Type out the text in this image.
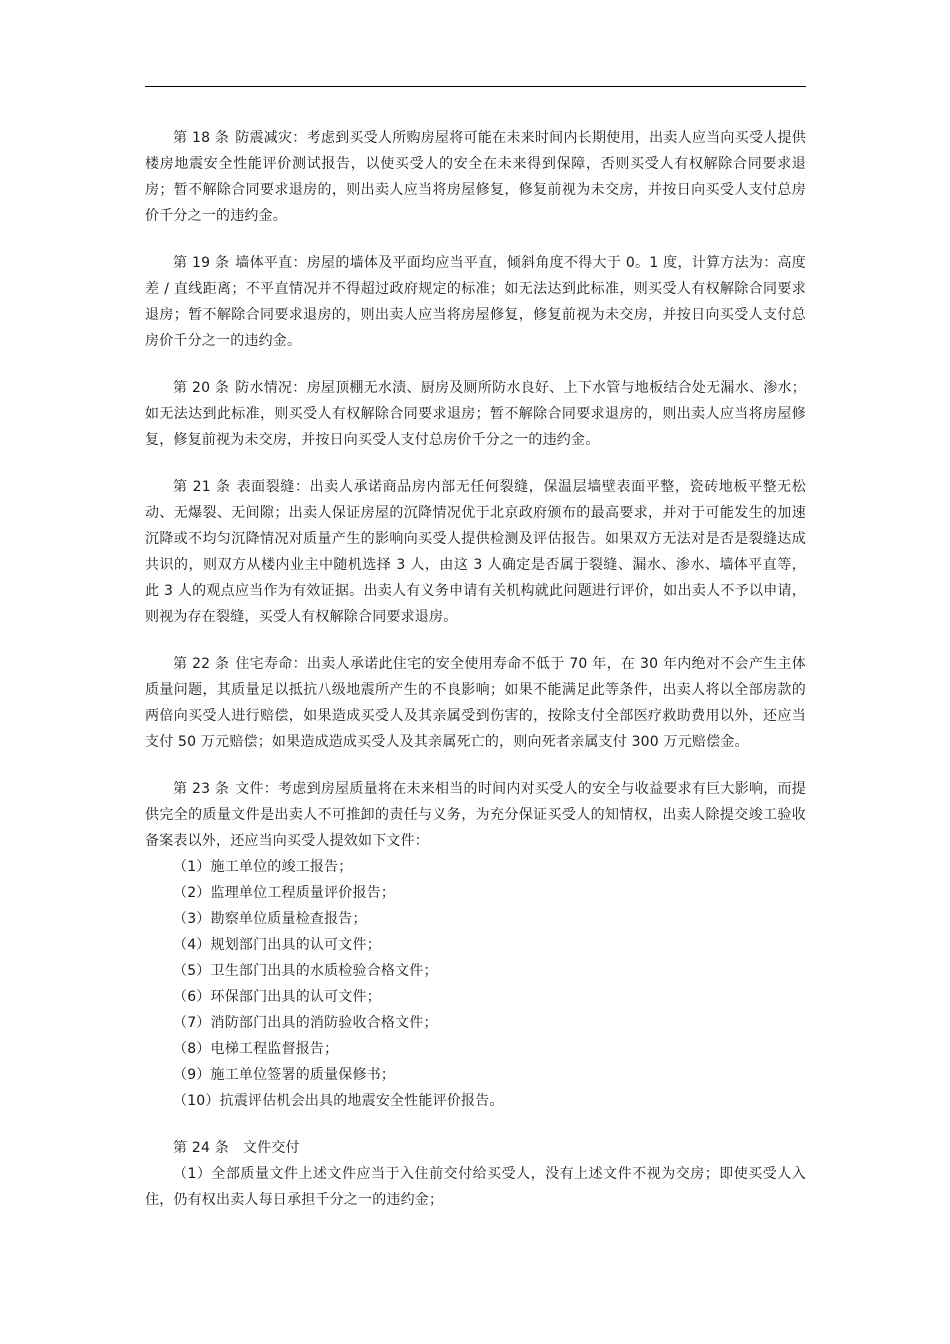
第 18 条 防震减灾：考虑到买受人所购房屋将可能在未来时间内长期使用，出卖人应当向买受人提供楼房地震安全性能评价测试报告，以使买受人的安全在未来得到保障，否则买受人有权解除合同要求退房；暂不解除合同要求退房的，则出卖人应当将房屋修复，修复前视为未交房，并按日向买受人支付总房价千分之一的违约金。

第 19 条 墙体平直：房屋的墙体及平面均应当平直，倾斜角度不得大于 0。1 度，计算方法为：高度差 / 直线距离；不平直情况并不得超过政府规定的标准；如无法达到此标准，则买受人有权解除合同要求退房；暂不解除合同要求退房的，则出卖人应当将房屋修复，修复前视为未交房，并按日向买受人支付总房价千分之一的违约金。

第 20 条 防水情况：房屋顶棚无水渍、厨房及厕所防水良好、上下水管与地板结合处无漏水、渗水；如无法达到此标准，则买受人有权解除合同要求退房；暂不解除合同要求退房的，则出卖人应当将房屋修复，修复前视为未交房，并按日向买受人支付总房价千分之一的违约金。

第 21 条 表面裂缝：出卖人承诺商品房内部无任何裂缝，保温层墙壁表面平整，瓷砖地板平整无松动、无爆裂、无间隙；出卖人保证房屋的沉降情况优于北京政府颁布的最高要求，并对于可能发生的加速沉降或不均匀沉降情况对质量产生的影响向买受人提供检测及评估报告。如果双方无法对是否是裂缝达成共识的，则双方从楼内业主中随机选择 3 人，由这 3 人确定是否属于裂缝、漏水、渗水、墙体平直等，此 3 人的观点应当作为有效证据。出卖人有义务申请有关机构就此问题进行评价，如出卖人不予以申请，则视为存在裂缝，买受人有权解除合同要求退房。

第 22 条 住宅寿命：出卖人承诺此住宅的安全使用寿命不低于 70 年，在 30 年内绝对不会产生主体质量问题，其质量足以抵抗八级地震所产生的不良影响；如果不能满足此等条件，出卖人将以全部房款的两倍向买受人进行赔偿，如果造成买受人及其亲属受到伤害的，按除支付全部医疗救助费用以外，还应当支付 50 万元赔偿；如果造成造成买受人及其亲属死亡的，则向死者亲属支付 300 万元赔偿金。

第 23 条 文件：考虑到房屋质量将在未来相当的时间内对买受人的安全与收益要求有巨大影响，而提供完全的质量文件是出卖人不可推卸的责任与义务，为充分保证买受人的知情权，出卖人除提交竣工验收备案表以外，还应当向买受人提效如下文件：
（1）施工单位的竣工报告；
（2）监理单位工程质量评价报告；
（3）勘察单位质量检查报告；
（4）规划部门出具的认可文件；
（5）卫生部门出具的水质检验合格文件；
（6）环保部门出具的认可文件；
（7）消防部门出具的消防验收合格文件；
（8）电梯工程监督报告；
（9）施工单位签署的质量保修书；
（10）抗震评估机会出具的地震安全性能评价报告。
第 24 条 文件交付
（1）全部质量文件上述文件应当于入住前交付给买受人，没有上述文件不视为交房；即使买受人入住，仍有权出卖人每日承担千分之一的违约金；
